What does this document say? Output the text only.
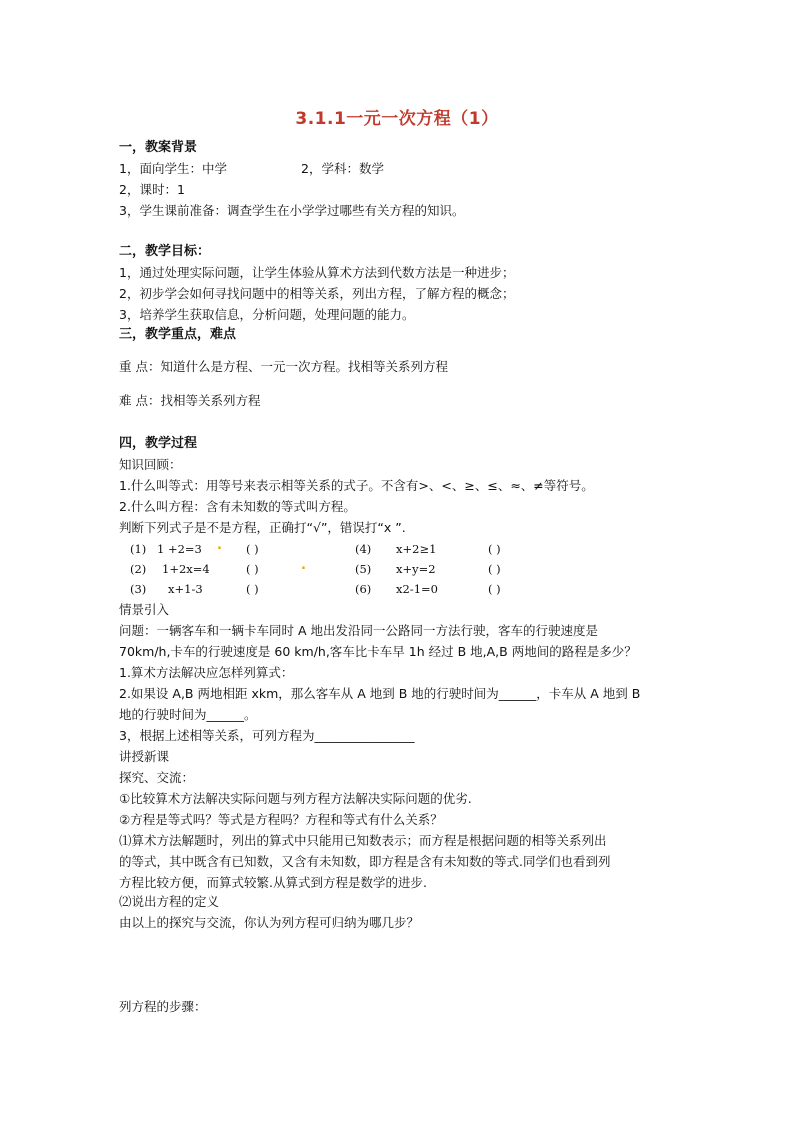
3.1.1一元一次方程（1）
一，教案背景
1，面向学生：中学	2，学科：数学
2，课时：1
3，学生课前准备：调查学生在小学学过哪些有关方程的知识。
二，教学目标：
1，通过处理实际问题，让学生体验从算术方法到代数方法是一种进步；
2，初步学会如何寻找问题中的相等关系，列出方程，了解方程的概念；
3，培养学生获取信息，分析问题，处理问题的能力。
三，教学重点，难点
重 点：知道什么是方程、一元一次方程。找相等关系列方程
难 点：找相等关系列方程
四，教学过程
知识回顾：
1.什么叫等式：用等号来表示相等关系的式子。不含有>、<、≥、≤、≈、≠等符号。
2.什么叫方程：含有未知数的等式叫方程。
判断下列式子是不是方程，正确打“√”，错误打“x ”.
(1) 1 +2=3 . ( )	(4) x+2≥1	( )
(2) 1+2x=4	( )	.	(5) x+y=2	( )
(3) x+1-3	( )	(6) x2-1=0	( )
情景引入
问题：一辆客车和一辆卡车同时 A 地出发沿同一公路同一方法行驶，客车的行驶速度是
70km/h,卡车的行驶速度是 60 km/h,客车比卡车早 1h 经过 B 地,A,B 两地间的路程是多少？
1.算术方法解决应怎样列算式：
2.如果设 A,B 两地相距 xkm，那么客车从 A 地到 B 地的行驶时间为______，卡车从 A 地到 B
地的行驶时间为______。
3，根据上述相等关系，可列方程为________________
讲授新课
探究、交流：
①比较算术方法解决实际问题与列方程方法解决实际问题的优劣.
②方程是等式吗？等式是方程吗？方程和等式有什么关系？
⑴算术方法解题时，列出的算式中只能用已知数表示；而方程是根据问题的相等关系列出
的等式，其中既含有已知数，又含有未知数，即方程是含有未知数的等式.同学们也看到列
方程比较方便，而算式较繁.从算式到方程是数学的进步.
⑵说出方程的定义
由以上的探究与交流，你认为列方程可归纳为哪几步？
列方程的步骤：
